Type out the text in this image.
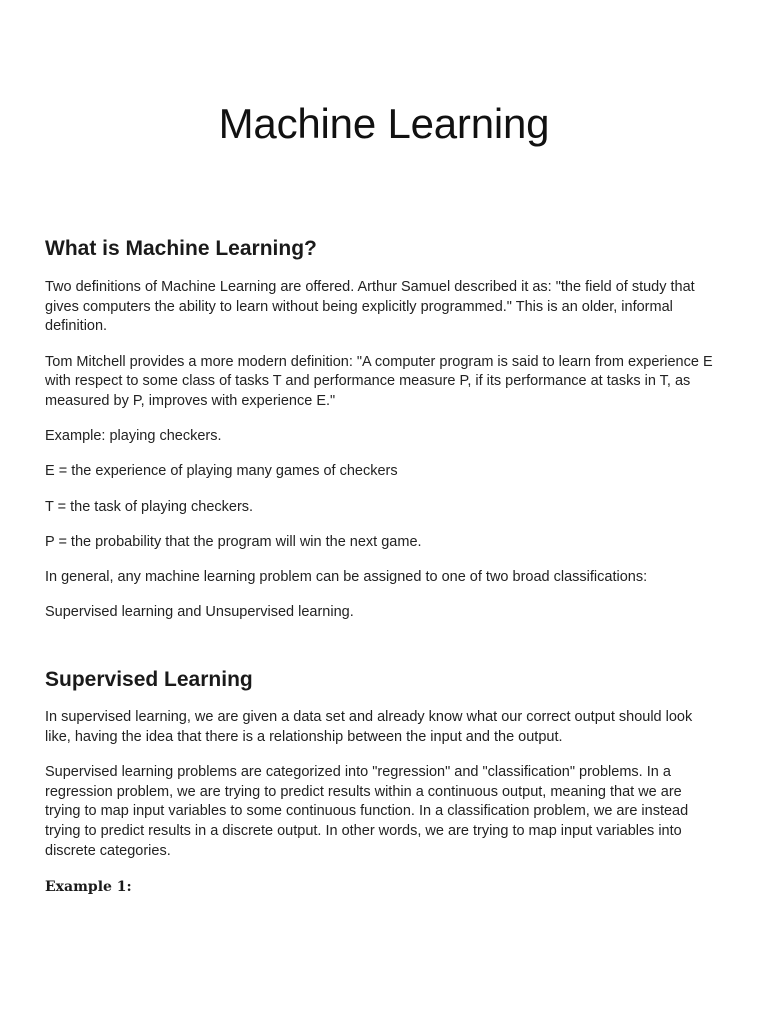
Machine Learning
What is Machine Learning?

Two definitions of Machine Learning are offered. Arthur Samuel described it as: "the field of study that gives computers the ability to learn without being explicitly programmed." This is an older, informal definition.

Tom Mitchell provides a more modern definition: "A computer program is said to learn from experience E with respect to some class of tasks T and performance measure P, if its performance at tasks in T, as measured by P, improves with experience E."

Example: playing checkers.

E = the experience of playing many games of checkers

T = the task of playing checkers.

P = the probability that the program will win the next game.

In general, any machine learning problem can be assigned to one of two broad classifications:

Supervised learning and Unsupervised learning.

Supervised Learning

In supervised learning, we are given a data set and already know what our correct output should look like, having the idea that there is a relationship between the input and the output.

Supervised learning problems are categorized into "regression" and "classification" problems. In a regression problem, we are trying to predict results within a continuous output, meaning that we are trying to map input variables to some continuous function. In a classification problem, we are instead trying to predict results in a discrete output. In other words, we are trying to map input variables into discrete categories.

Example 1:
